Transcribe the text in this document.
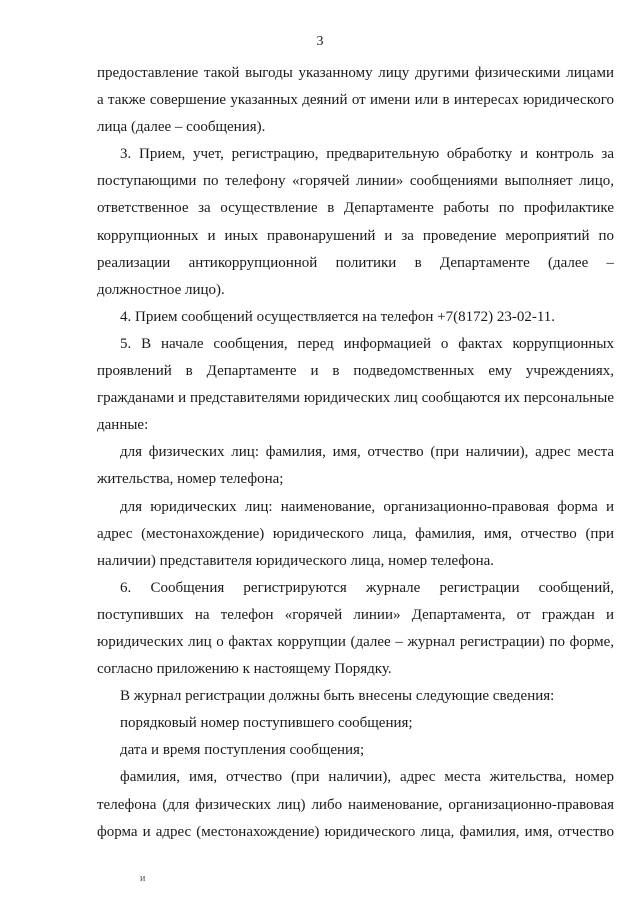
3
предоставление такой выгоды указанному лицу другими физическими лицами
а также совершение указанных деяний от имени или в интересах юридического
лица (далее – сообщения).
3. Прием, учет, регистрацию, предварительную обработку и контроль за
поступающими по телефону «горячей линии» сообщениями выполняет лицо,
ответственное за осуществление в Департаменте работы по профилактике
коррупционных и иных правонарушений и за проведение мероприятий по
реализации антикоррупционной политики в Департаменте (далее –
должностное лицо).
4. Прием сообщений осуществляется на телефон +7(8172) 23-02-11.
5. В начале сообщения, перед информацией о фактах коррупционных
проявлений в Департаменте и в подведомственных ему учреждениях,
гражданами и представителями юридических лиц сообщаются их персональные
данные:
для физических лиц: фамилия, имя, отчество (при наличии), адрес места
жительства, номер телефона;
для юридических лиц: наименование, организационно-правовая форма и
адрес (местонахождение) юридического лица, фамилия, имя, отчество (при
наличии) представителя юридического лица, номер телефона.
6. Сообщения регистрируются журнале регистрации сообщений,
поступивших на телефон «горячей линии» Департамента, от граждан и
юридических лиц о фактах коррупции (далее – журнал регистрации) по форме,
согласно приложению к настоящему Порядку.
В журнал регистрации должны быть внесены следующие сведения:
порядковый номер поступившего сообщения;
дата и время поступления сообщения;
фамилия, имя, отчество (при наличии), адрес места жительства, номер
телефона (для физических лиц) либо наименование, организационно-правовая
форма и адрес (местонахождение) юридического лица, фамилия, имя, отчество
и
